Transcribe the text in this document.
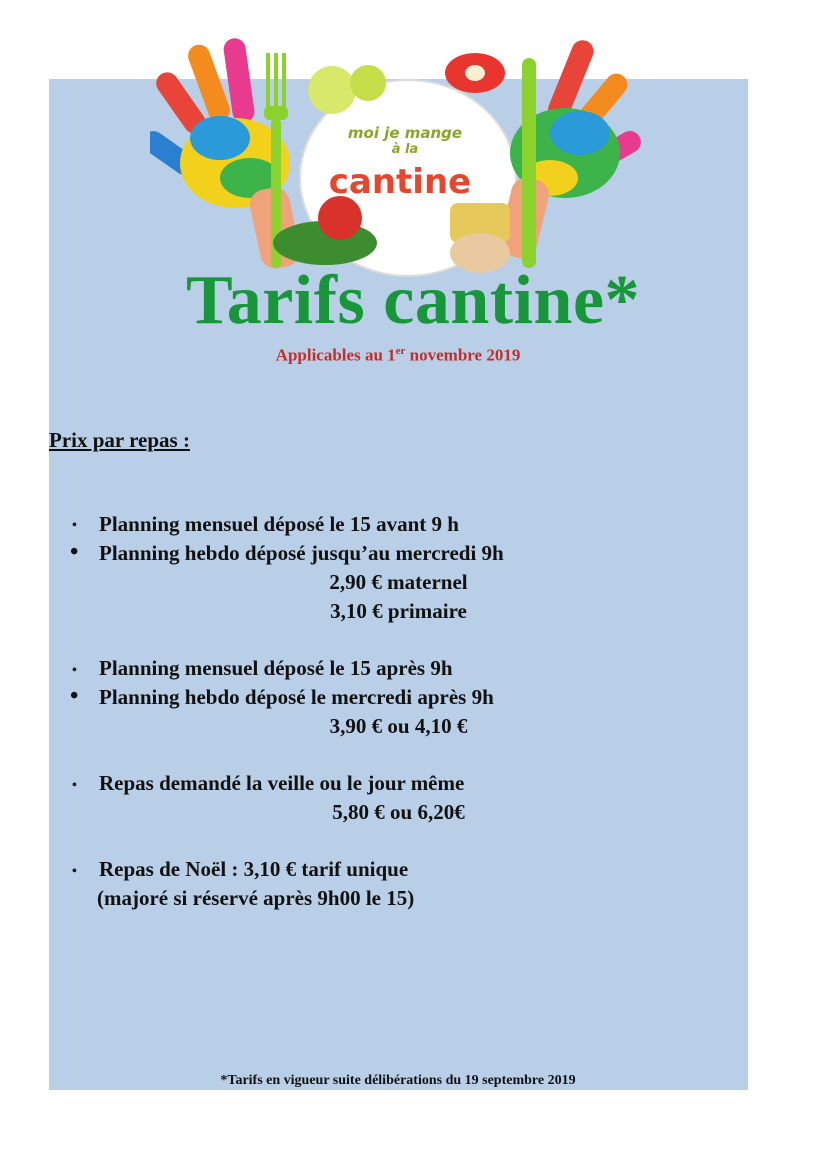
moi je mange
à la
cantine
Tarifs cantine*
Applicables au 1er novembre 2019
Prix par repas :
• Planning mensuel déposé le 15 avant 9 h
• Planning hebdo déposé jusqu’au mercredi 9h
2,90 € maternel
3,10 € primaire
• Planning mensuel déposé le 15 après 9h
• Planning hebdo déposé le mercredi après 9h
3,90 € ou 4,10 €
• Repas demandé la veille ou le jour même
5,80 € ou 6,20€
• Repas de Noël : 3,10 € tarif unique
(majoré si réservé après 9h00 le 15)
*Tarifs en vigueur suite délibérations du 19 septembre 2019
